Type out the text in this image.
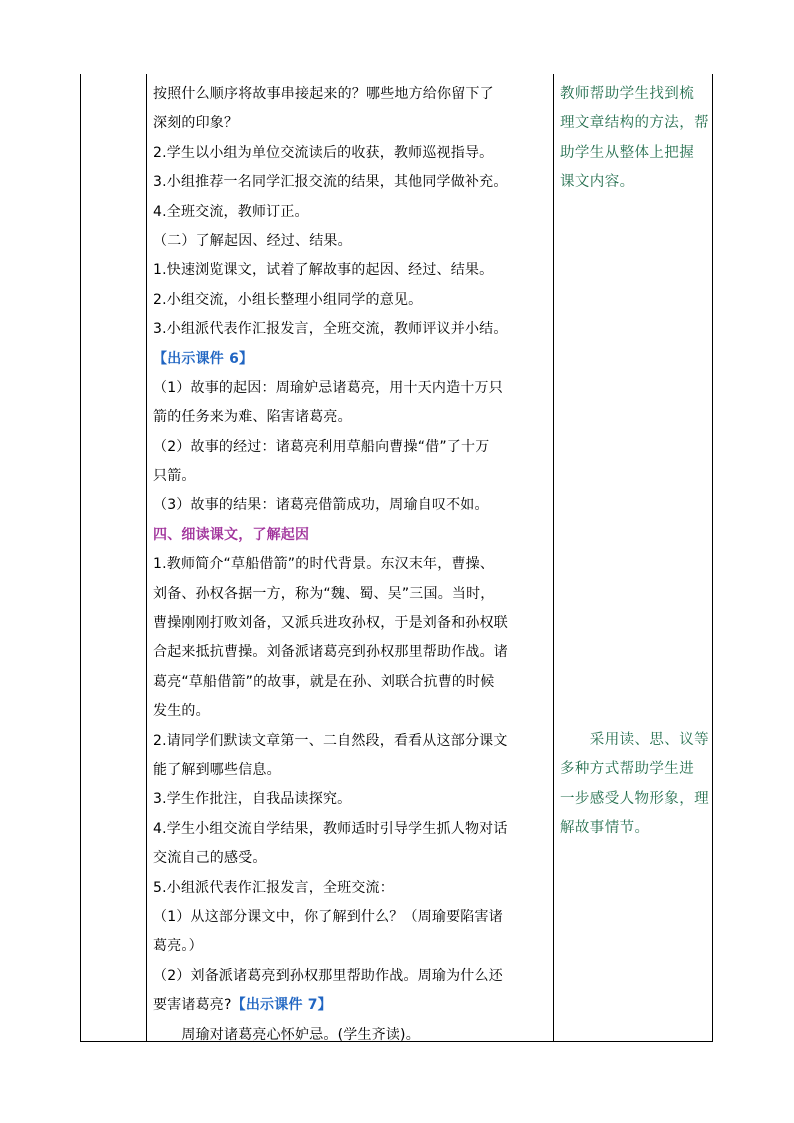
按照什么顺序将故事串接起来的？哪些地方给你留下了
深刻的印象？
2.学生以小组为单位交流读后的收获，教师巡视指导。
3.小组推荐一名同学汇报交流的结果，其他同学做补充。
4.全班交流，教师订正。
（二）了解起因、经过、结果。
1.快速浏览课文，试着了解故事的起因、经过、结果。
2.小组交流，小组长整理小组同学的意见。
3.小组派代表作汇报发言，全班交流，教师评议并小结。
【出示课件 6】
（1）故事的起因：周瑜妒忌诸葛亮，用十天内造十万只
箭的任务来为难、陷害诸葛亮。
（2）故事的经过：诸葛亮利用草船向曹操“借”了十万
只箭。
（3）故事的结果：诸葛亮借箭成功，周瑜自叹不如。
四、细读课文，了解起因
1.教师简介“草船借箭”的时代背景。东汉末年，曹操、
刘备、孙权各据一方，称为“魏、蜀、吴”三国。当时，
曹操刚刚打败刘备，又派兵进攻孙权，于是刘备和孙权联
合起来抵抗曹操。刘备派诸葛亮到孙权那里帮助作战。诸
葛亮“草船借箭”的故事，就是在孙、刘联合抗曹的时候
发生的。
2.请同学们默读文章第一、二自然段，看看从这部分课文
能了解到哪些信息。
3.学生作批注，自我品读探究。
4.学生小组交流自学结果，教师适时引导学生抓人物对话
交流自己的感受。
5.小组派代表作汇报发言，全班交流：
（1）从这部分课文中，你了解到什么？（周瑜要陷害诸
葛亮。）
（2）刘备派诸葛亮到孙权那里帮助作战。周瑜为什么还
要害诸葛亮?【出示课件 7】
　　周瑜对诸葛亮心怀妒忌。(学生齐读)。
教师帮助学生找到梳
理文章结构的方法，帮
助学生从整体上把握
课文内容。
　　采用读、思、议等
多种方式帮助学生进
一步感受人物形象，理
解故事情节。
